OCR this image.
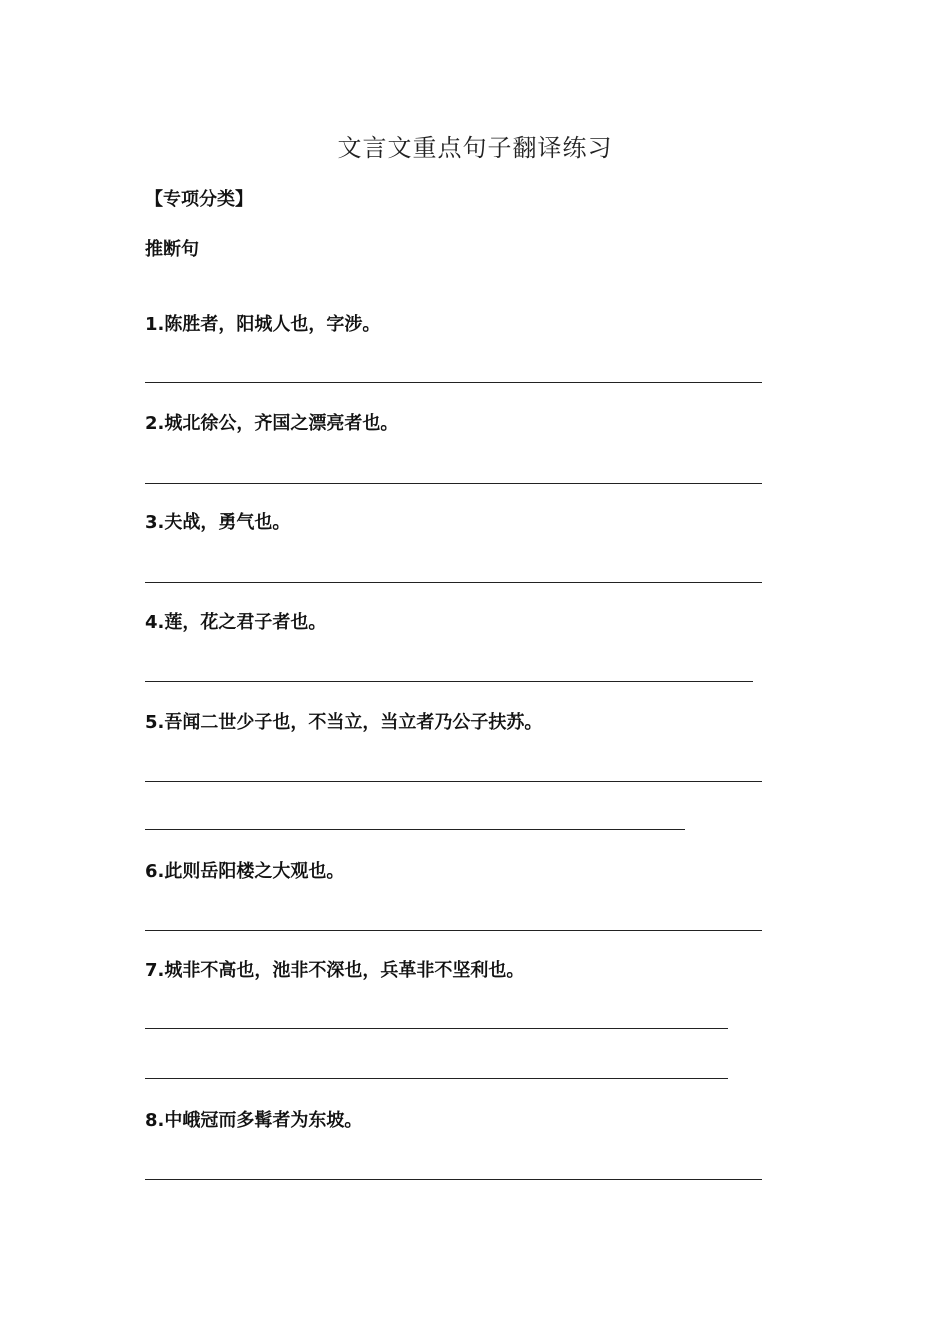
文言文重点句子翻译练习
【专项分类】
推断句
1.陈胜者，阳城人也，字涉。
2.城北徐公，齐国之漂亮者也。
3.夫战，勇气也。
4.莲，花之君子者也。
5.吾闻二世少子也，不当立，当立者乃公子扶苏。
6.此则岳阳楼之大观也。
7.城非不高也，池非不深也，兵革非不坚利也。
8.中峨冠而多髯者为东坡。
